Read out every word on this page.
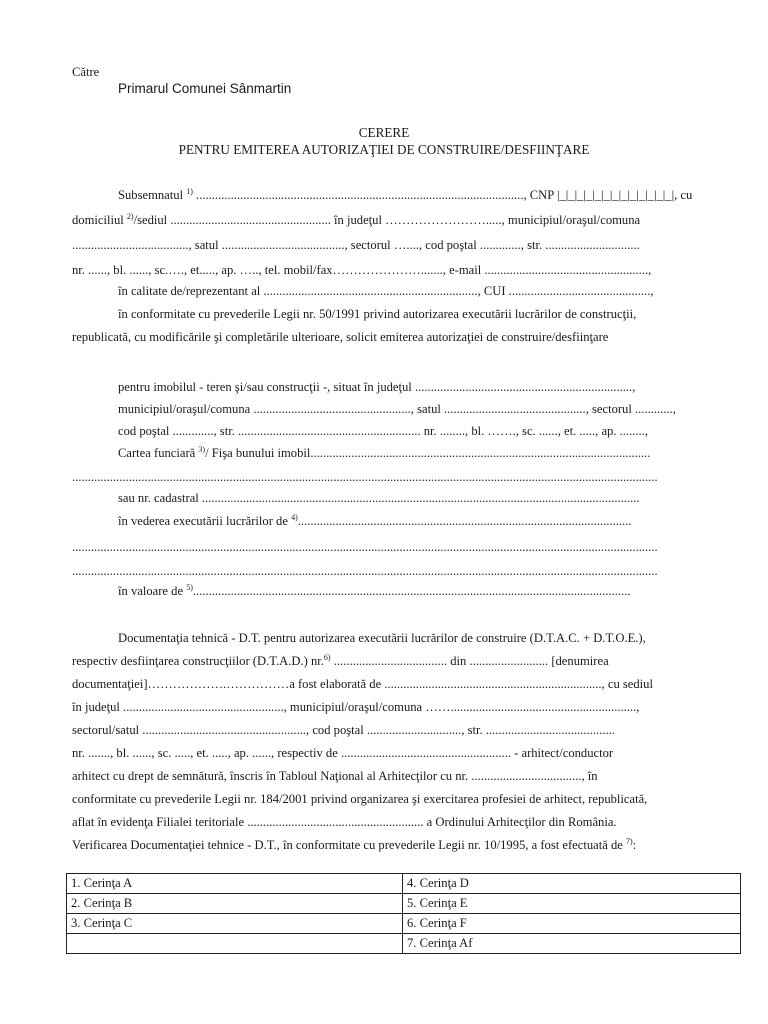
Către
Primarul Comunei Sânmartin
CERERE
PENTRU EMITEREA AUTORIZAŢIEI DE CONSTRUIRE/DESFIINŢARE
Subsemnatul $^{1)}$ ........................................................................................................, CNP |_|_|_|_|_|_|_|_|_|_|_|_|_|, cu
domiciliul $^{2)}$/sediul ................................................... în judeţul ……………………....., municipiul/oraşul/comuna
....................................., satul ......................................., sectorul …...., cod poştal ............., str. ..............................
nr. ......, bl. ......, sc.…., et....., ap. ….., tel. mobil/fax…………………......., e-mail ....................................................,
în calitate de/reprezentant al ...................................................................., CUI .............................................,
în conformitate cu prevederile Legii nr. 50/1991 privind autorizarea executării lucrărilor de construcţii,
republicată, cu modificările şi completările ulterioare, solicit emiterea autorizaţiei de construire/desfiinţare
pentru imobilul - teren şi/sau construcţii -, situat în judeţul .....................................................................,
municipiul/oraşul/comuna .................................................., satul ............................................., sectorul ............,
cod poştal ............., str. .......................................................... nr. ........, bl. ……., sc. ......, et. ....., ap. ........,
Cartea funciară $^{3)}$/ Fişa bunului imobil............................................................................................................
..........................................................................................................................................................................................
sau nr. cadastral ...........................................................................................................................................
în vederea executării lucrărilor de $^{4)}$..........................................................................................................
..........................................................................................................................................................................................
..........................................................................................................................................................................................
în valoare de $^{5)}$...........................................................................................................................................
Documentaţia tehnică - D.T. pentru autorizarea executării lucrărilor de construire (D.T.A.C. + D.T.O.E.),
respectiv desfiinţarea construcţiilor (D.T.A.D.) nr.$^{6)}$ .................................... din ......................... [denumirea
documentaţiei]……………….……………a fost elaborată de ....................................................................., cu sediul
în judeţul ..................................................., municipiul/oraşul/comuna ……...........................................................,
sectorul/satul ...................................................., cod poştal .............................., str. .........................................
nr. ......., bl. ......, sc. ....., et. ....., ap. ......, respectiv de ...................................................... - arhitect/conductor
arhitect cu drept de semnătură, înscris în Tabloul Naţional al Arhitecţilor cu nr. ..................................., în
conformitate cu prevederile Legii nr. 184/2001 privind organizarea şi exercitarea profesiei de arhitect, republicată,
aflat în evidenţa Filialei teritoriale ........................................................ a Ordinului Arhitecţilor din România.
Verificarea Documentaţiei tehnice - D.T., în conformitate cu prevederile Legii nr. 10/1995, a fost efectuată de $^{7)}$:
1. Cerinţa A	4. Cerinţa D
2. Cerinţa B	5. Cerinţa E
3. Cerinţa C	6. Cerinţa F
	7. Cerinţa Af
